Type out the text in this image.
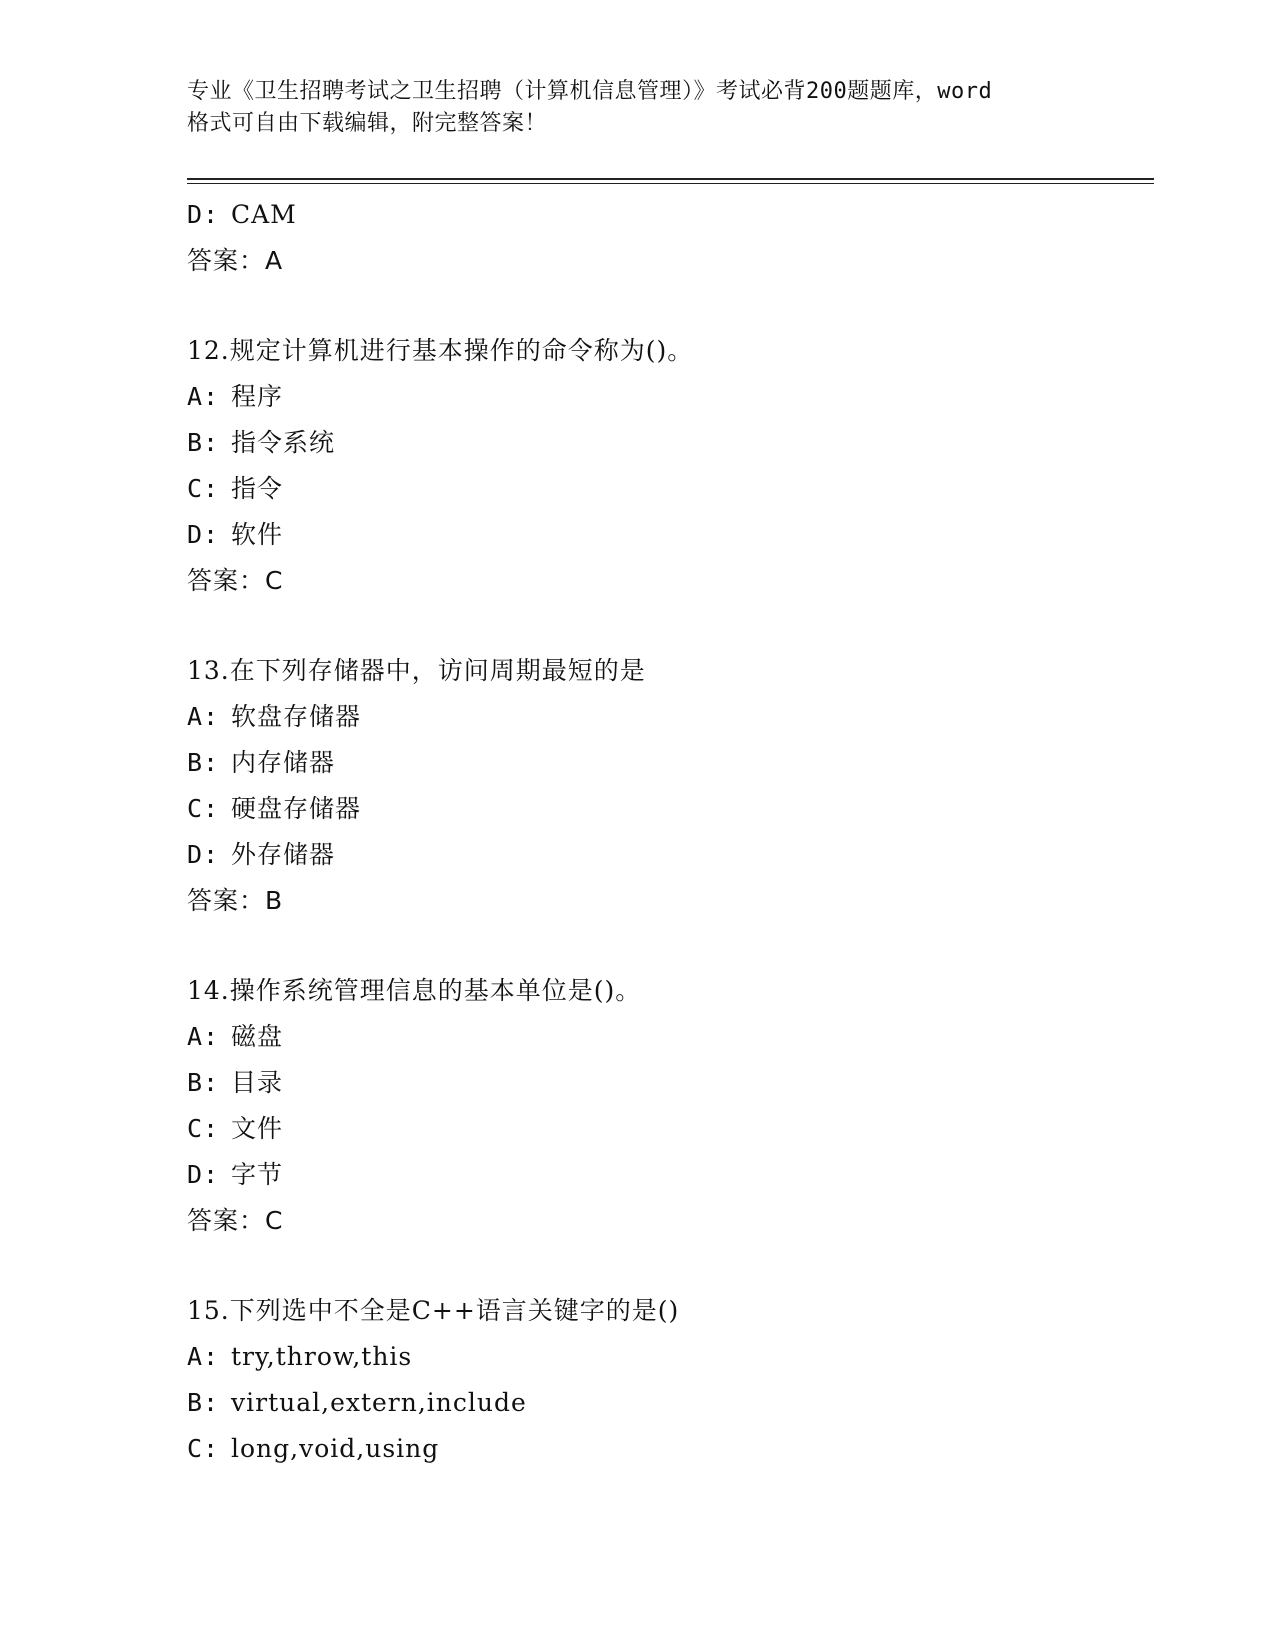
专业《卫生招聘考试之卫生招聘（计算机信息管理）》考试必背200题题库，word
格式可自由下载编辑，附完整答案！
D: CAM
答案：A
12.规定计算机进行基本操作的命令称为()。
A: 程序
B: 指令系统
C: 指令
D: 软件
答案：C
13.在下列存储器中，访问周期最短的是
A: 软盘存储器
B: 内存储器
C: 硬盘存储器
D: 外存储器
答案：B
14.操作系统管理信息的基本单位是()。
A: 磁盘
B: 目录
C: 文件
D: 字节
答案：C
15.下列选中不全是C++语言关键字的是()
A: try,throw,this
B: virtual,extern,include
C: long,void,using
